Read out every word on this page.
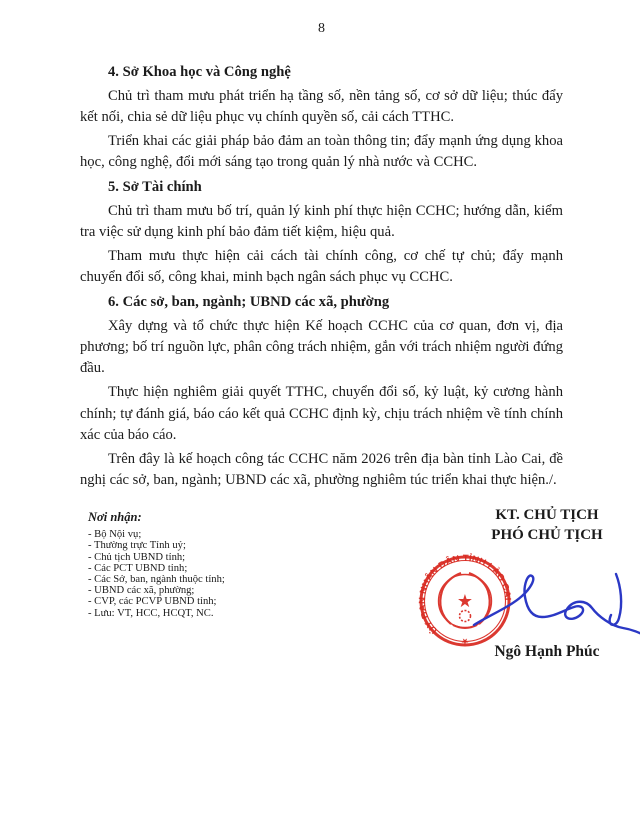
8
4. Sở Khoa học và Công nghệ

Chủ trì tham mưu phát triển hạ tầng số, nền tảng số, cơ sở dữ liệu; thúc đẩy kết nối, chia sẻ dữ liệu phục vụ chính quyền số, cải cách TTHC.

Triển khai các giải pháp bảo đảm an toàn thông tin; đẩy mạnh ứng dụng khoa học, công nghệ, đổi mới sáng tạo trong quản lý nhà nước và CCHC.

5. Sở Tài chính

Chủ trì tham mưu bố trí, quản lý kinh phí thực hiện CCHC; hướng dẫn, kiểm tra việc sử dụng kinh phí bảo đảm tiết kiệm, hiệu quả.

Tham mưu thực hiện cải cách tài chính công, cơ chế tự chủ; đẩy mạnh chuyển đổi số, công khai, minh bạch ngân sách phục vụ CCHC.

6. Các sở, ban, ngành; UBND các xã, phường

Xây dựng và tổ chức thực hiện Kế hoạch CCHC của cơ quan, đơn vị, địa phương; bố trí nguồn lực, phân công trách nhiệm, gắn với trách nhiệm người đứng đầu.

Thực hiện nghiêm giải quyết TTHC, chuyển đổi số, kỷ luật, kỷ cương hành chính; tự đánh giá, báo cáo kết quả CCHC định kỳ, chịu trách nhiệm về tính chính xác của báo cáo.

Trên đây là kế hoạch công tác CCHC năm 2026 trên địa bàn tỉnh Lào Cai, đề nghị các sở, ban, ngành; UBND các xã, phường nghiêm túc triển khai thực hiện./.

Nơi nhận:
- Bộ Nội vụ;
- Thường trực Tỉnh uỷ;
- Chủ tịch UBND tỉnh;
- Các PCT UBND tỉnh;
- Các Sở, ban, ngành thuộc tỉnh;
- UBND các xã, phường;
- CVP, các PCVP UBND tỉnh;
- Lưu: VT, HCC, HCQT, NC.
★
★
ỦY BAN NHÂN DÂN TỈNH LÀO CAI
KT. CHỦ TỊCH
PHÓ CHỦ TỊCH
Ngô Hạnh Phúc
